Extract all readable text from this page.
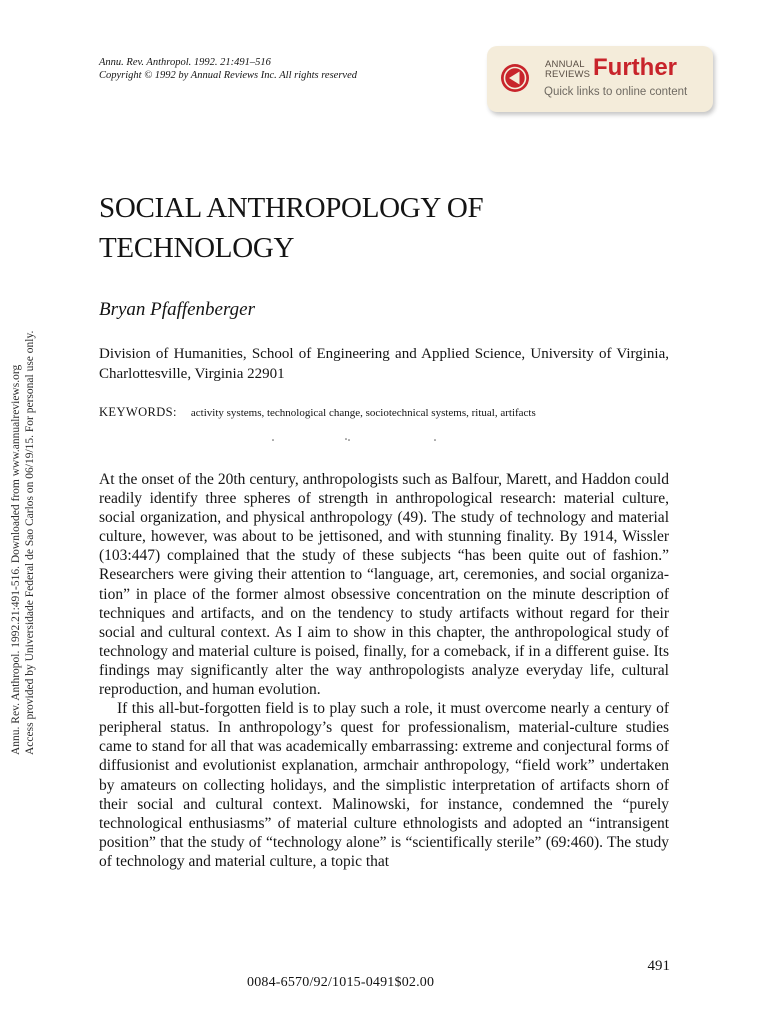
Annu. Rev. Anthropol. 1992. 21:491–516
Copyright © 1992 by Annual Reviews Inc. All rights reserved
ANNUAL
REVIEWS Further
Quick links to online content
Annu. Rev. Anthropol. 1992.21:491-516. Downloaded from www.annualreviews.org Access provided by Universidade Federal de Sao Carlos on 06/19/15. For personal use only.
SOCIAL ANTHROPOLOGY OF
TECHNOLOGY
Bryan Pfaffenberger
Division of Humanities, School of Engineering and Applied Science, University of Virginia, Charlottesville, Virginia 22901
KEYWORDS: activity systems, technological change, sociotechnical systems, ritual, artifacts

At the onset of the 20th century, anthropologists such as Balfour, Marett, and Haddon could readily identify three spheres of strength in anthropological research: material culture, social organization, and physical anthropology (49). The study of technology and material culture, however, was about to be jettisoned, and with stunning finality. By 1914, Wissler (103:447) complained that the study of these subjects “has been quite out of fashion.” Researchers were giving their attention to “language, art, ceremonies, and social organization” in place of the former almost obsessive concentration on the minute description of techniques and artifacts, and on the tendency to study artifacts without regard for their social and cultural context. As I aim to show in this chapter, the anthropological study of technology and material culture is poised, finally, for a comeback, if in a different guise. Its findings may significantly alter the way anthropologists analyze everyday life, cultural reproduction, and human evolution.

If this all-but-forgotten field is to play such a role, it must overcome nearly a century of peripheral status. In anthropology’s quest for professionalism, material-culture studies came to stand for all that was academically embarrassing: extreme and conjectural forms of diffusionist and evolutionist explanation, armchair anthropology, “field work” undertaken by amateurs on collecting holidays, and the simplistic interpretation of artifacts shorn of their social and cultural context. Malinowski, for instance, condemned the “purely technological enthusiasms” of material culture ethnologists and adopted an “intransigent position” that the study of “technology alone” is “scientifically sterile” (69:460). The study of technology and material culture, a topic that

491
0084-6570/92/1015-0491$02.00
